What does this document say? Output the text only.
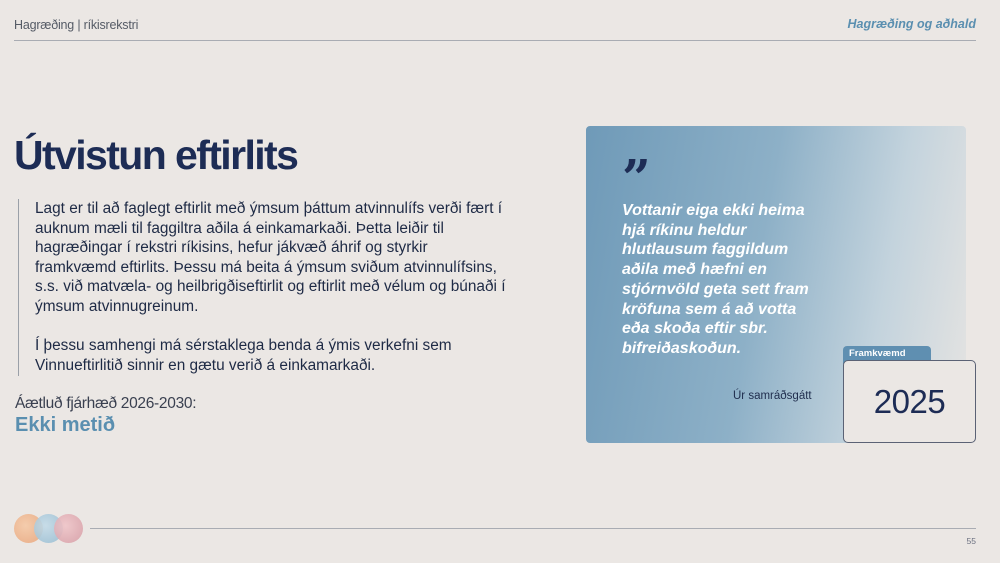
Hagræðing | ríkisrekstri	Hagræðing og aðhald
Útvistun eftirlits

Lagt er til að faglegt eftirlit með ýmsum þáttum atvinnulífs verði fært í auknum mæli til faggiltra aðila á einkamarkaði. Þetta leiðir til hagræðingar í rekstri ríkisins, hefur jákvæð áhrif og styrkir framkvæmd eftirlits. Þessu má beita á ýmsum sviðum atvinnulífsins, s.s. við matvæla- og heilbrigðiseftirlit og eftirlit með vélum og búnaði í ýmsum atvinnugreinum.

Í þessu samhengi má sérstaklega benda á ýmis verkefni sem Vinnueftirlitið sinnir en gætu verið á einkamarkaði.

Áætluð fjárhæð 2026-2030:
Ekki metið
”
Vottanir eiga ekki heima hjá ríkinu heldur hlutlausum faggildum aðila með hæfni en stjórnvöld geta sett fram kröfuna sem á að votta eða skoða eftir sbr. bifreiðaskoðun.
Úr samráðsgátt
Framkvæmd
2025
55
